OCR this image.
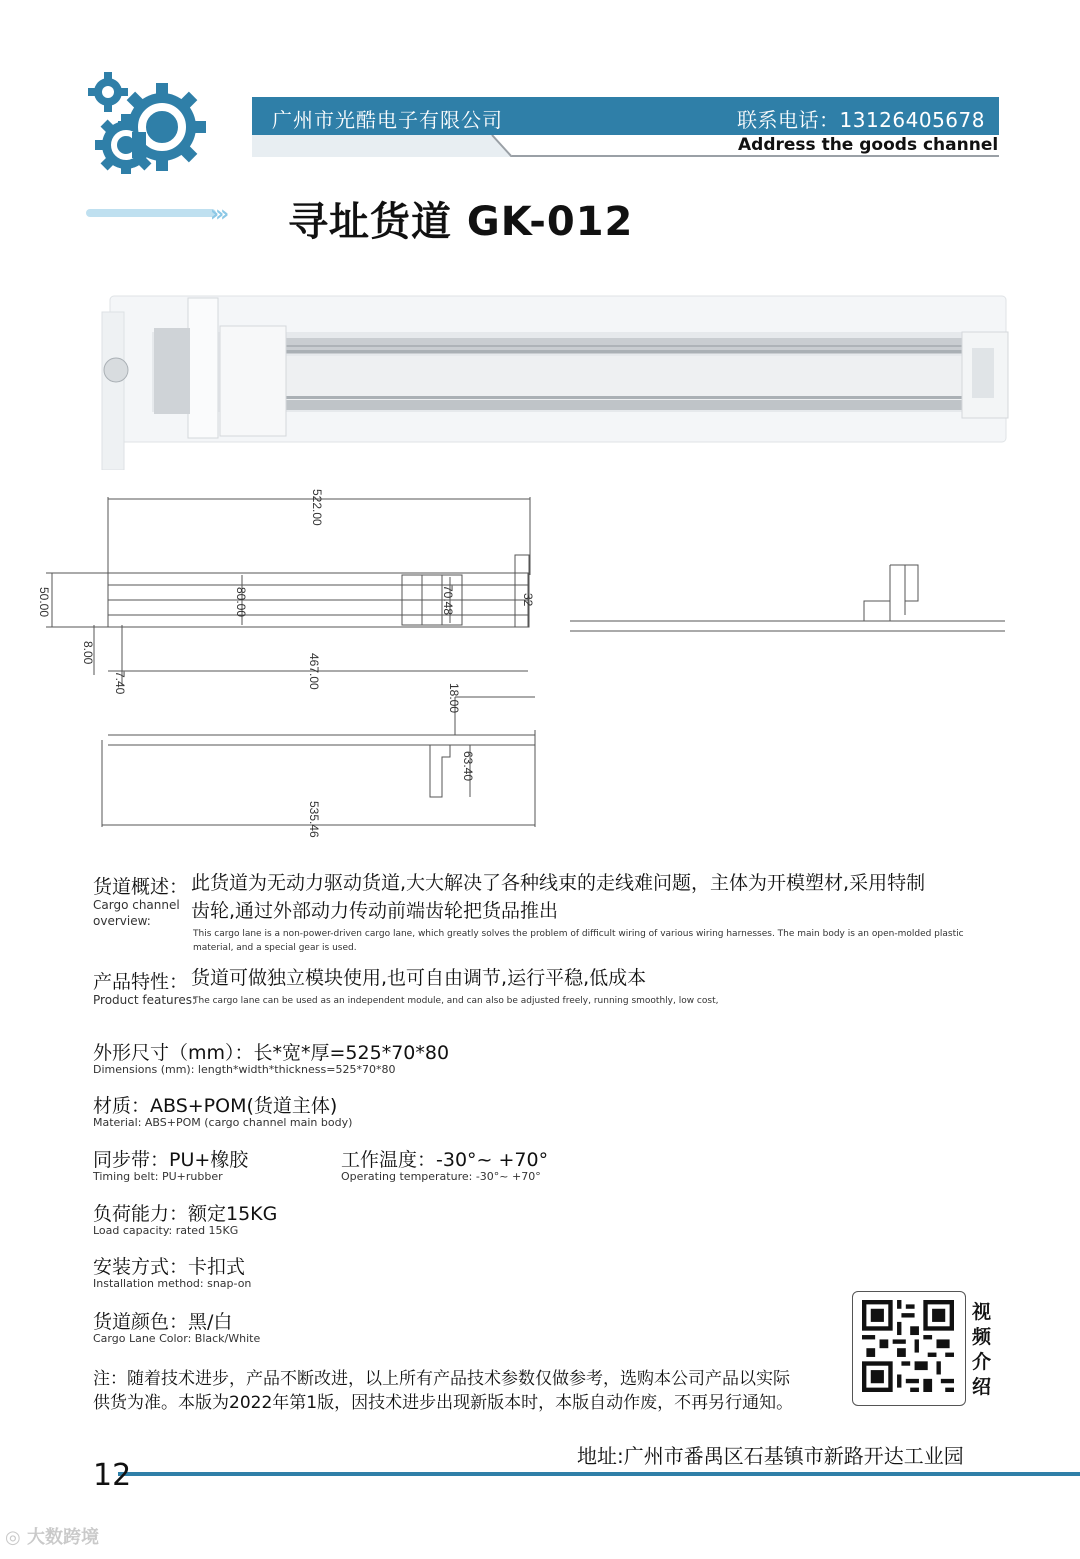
广州市光酷电子有限公司	联系电话：13126405678
Address the goods channel
››› 寻址货道 GK-012
522.00
50.00	80.00	70.48	32
8.00
7.40	467.00
18.00
63.40
535.46
货道概述：
Cargo channel
overview:
此货道为无动力驱动货道,大大解决了各种线束的走线难问题，主体为开模塑材,采用特制
齿轮,通过外部动力传动前端齿轮把货品推出
This cargo lane is a non-power-driven cargo lane, which greatly solves the problem of difficult wiring of various wiring harnesses. The main body is an open-molded plastic
material, and a special gear is used.
产品特性： 货道可做独立模块使用,也可自由调节,运行平稳,低成本
Product features:
The cargo lane can be used as an independent module, and can also be adjusted freely, running smoothly, low cost,
外形尺寸（mm）：长*宽*厚=525*70*80
Dimensions (mm): length*width*thickness=525*70*80
材质：ABS+POM(货道主体)
Material: ABS+POM (cargo channel main body)
同步带：PU+橡胶
Timing belt: PU+rubber
工作温度：-30°~ +70°
Operating temperature: -30°~ +70°
负荷能力：额定15KG
Load capacity: rated 15KG
安装方式：卡扣式
Installation method: snap-on
货道颜色：黑/白
Cargo Lane Color: Black/White
视频介绍
注：随着技术进步，产品不断改进，以上所有产品技术参数仅做参考，选购本公司产品以实际
供货为准。本版为2022年第1版，因技术进步出现新版本时，本版自动作废，不再另行通知。
地址:广州市番禺区石基镇市新路开达工业园
12
◎ 大数跨境
